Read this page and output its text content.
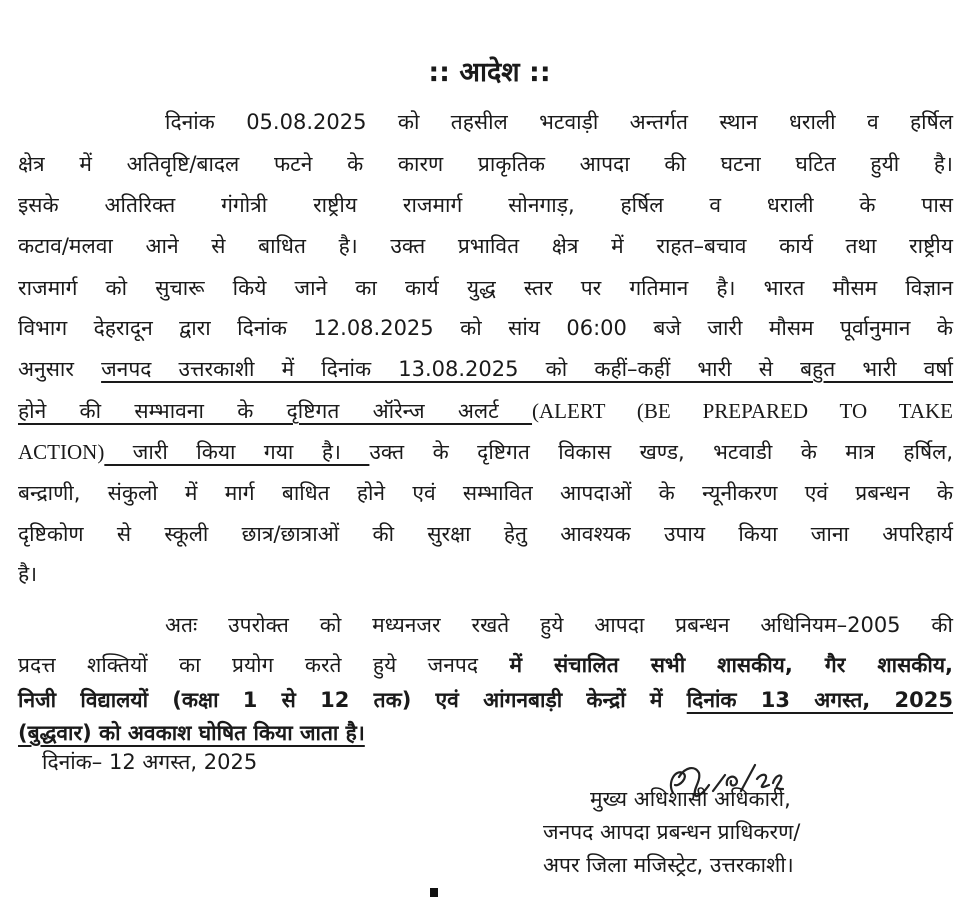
:: आदेश ::
दिनांक 05.08.2025 को तहसील भटवाड़ी अन्तर्गत स्थान धराली व हर्षिल
क्षेत्र में अतिवृष्टि/बादल फटने के कारण प्राकृतिक आपदा की घटना घटित हुयी है।
इसके अतिरिक्त गंगोत्री राष्ट्रीय राजमार्ग सोनगाड़, हर्षिल व धराली के पास
कटाव/मलवा आने से बाधित है। उक्त प्रभावित क्षेत्र में राहत–बचाव कार्य तथा राष्ट्रीय
राजमार्ग को सुचारू किये जाने का कार्य युद्ध स्तर पर गतिमान है। भारत मौसम विज्ञान
विभाग देहरादून द्वारा दिनांक 12.08.2025 को सांय 06:00 बजे जारी मौसम पूर्वानुमान के
अनुसार जनपद उत्तरकाशी में दिनांक 13.08.2025 को कहीं–कहीं भारी से बहुत भारी वर्षा
होने की सम्भावना के दृष्टिगत ऑरेन्ज अलर्ट (ALERT (BE PREPARED TO TAKE
ACTION) जारी किया गया है। उक्त के दृष्टिगत विकास खण्ड, भटवाडी के मात्र हर्षिल,
बन्द्राणी, संकुलो में मार्ग बाधित होने एवं सम्भावित आपदाओं के न्यूनीकरण एवं प्रबन्धन के
दृष्टिकोण से स्कूली छात्र/छात्राओं की सुरक्षा हेतु आवश्यक उपाय किया जाना अपरिहार्य
है।
अतः उपरोक्त को मध्यनजर रखते हुये आपदा प्रबन्धन अधिनियम–2005 की
प्रदत्त शक्तियों का प्रयोग करते हुये जनपद में संचालित सभी शासकीय, गैर शासकीय,
निजी विद्यालयों (कक्षा 1 से 12 तक) एवं आंगनबाड़ी केन्द्रों में दिनांक 13 अगस्त, 2025
(बुद्धवार) को अवकाश घोषित किया जाता है।
दिनांक– 12 अगस्त, 2025
मुख्य अधिशासी अधिकारी,
जनपद आपदा प्रबन्धन प्राधिकरण/
अपर जिला मजिस्ट्रेट, उत्तरकाशी।
